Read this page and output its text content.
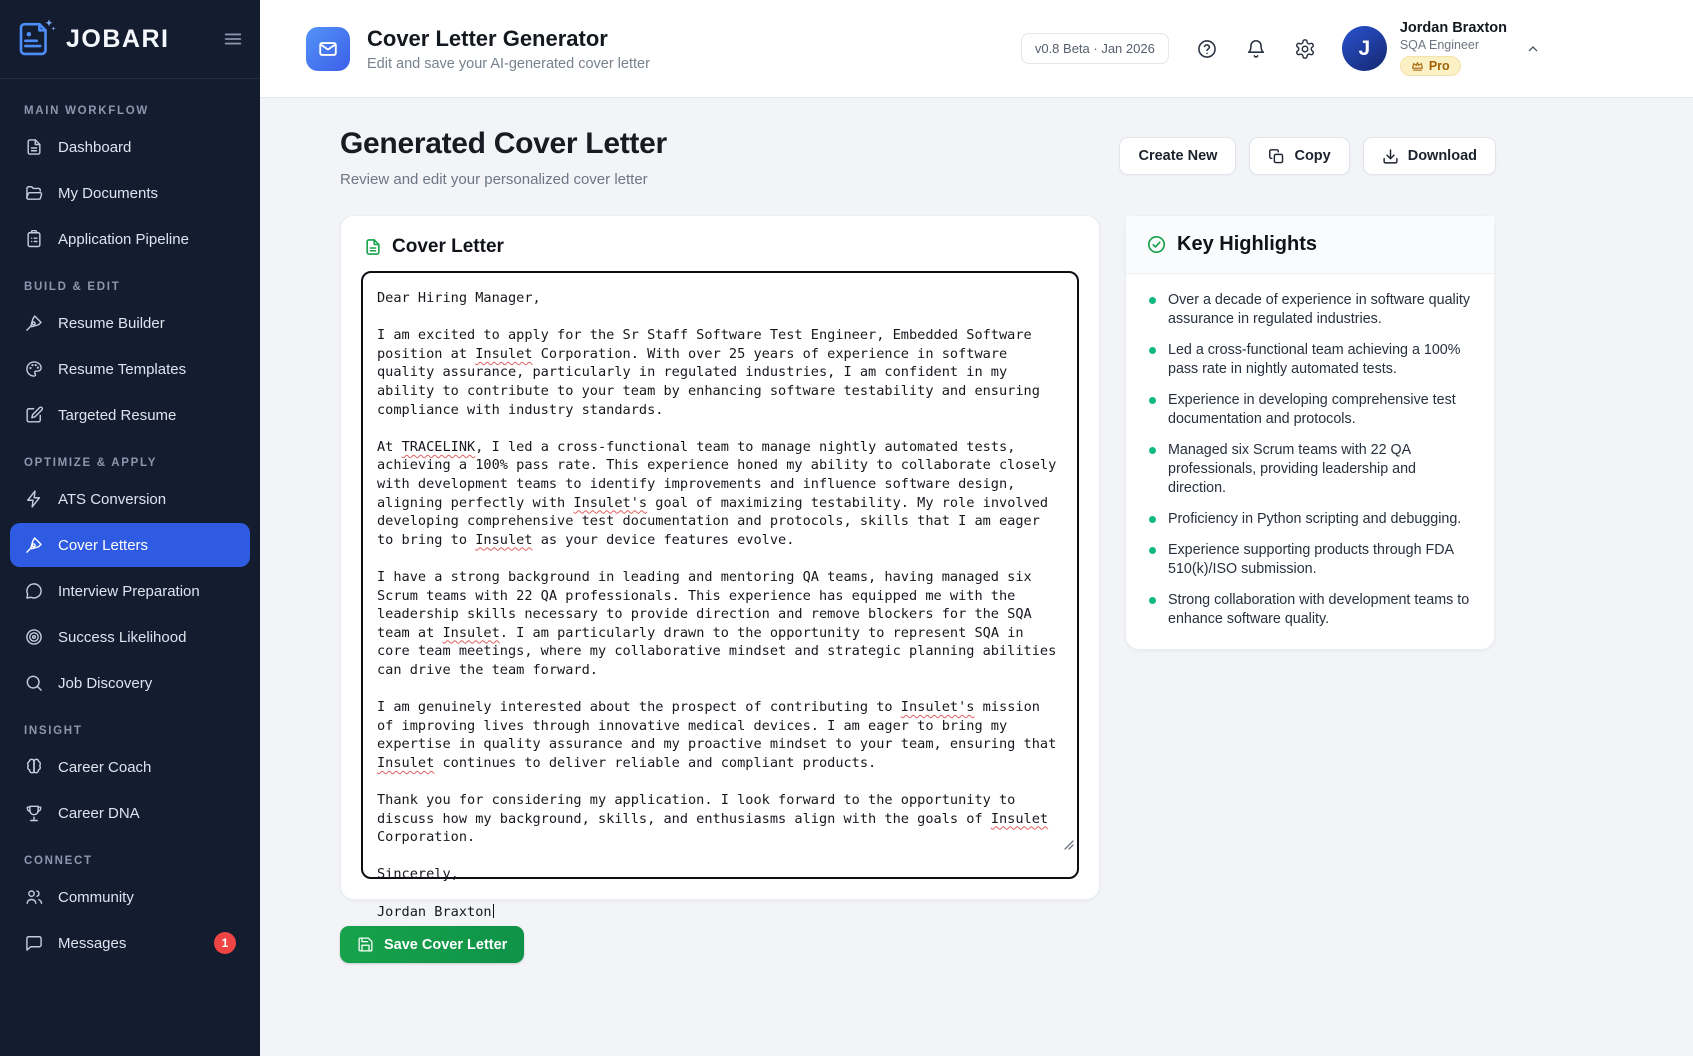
JOBARI
MAIN WORKFLOW
Dashboard
My Documents
Application Pipeline
BUILD & EDIT
Resume Builder
Resume Templates
Targeted Resume
OPTIMIZE & APPLY
ATS Conversion
Cover Letters
Interview Preparation
Success Likelihood
Job Discovery
INSIGHT
Career Coach
Career DNA
CONNECT
Community
Messages	1
Cover Letter Generator
Edit and save your AI-generated cover letter
v0.8 Beta · Jan 2026	J
Jordan Braxton
SQA Engineer
Pro
Generated Cover Letter
Review and edit your personalized cover letter
Create New	Copy	Download
Cover Letter
Dear Hiring Manager,

I am excited to apply for the Sr Staff Software Test Engineer, Embedded Software position at Insulet Corporation. With over 25 years of experience in software quality assurance, particularly in regulated industries, I am confident in my ability to contribute to your team by enhancing software testability and ensuring compliance with industry standards.

At TRACELINK, I led a cross-functional team to manage nightly automated tests, achieving a 100% pass rate. This experience honed my ability to collaborate closely with development teams to identify improvements and influence software design, aligning perfectly with Insulet's goal of maximizing testability. My role involved developing comprehensive test documentation and protocols, skills that I am eager to bring to Insulet as your device features evolve.

I have a strong background in leading and mentoring QA teams, having managed six Scrum teams with 22 QA professionals. This experience has equipped me with the leadership skills necessary to provide direction and remove blockers for the SQA team at Insulet. I am particularly drawn to the opportunity to represent SQA in core team meetings, where my collaborative mindset and strategic planning abilities can drive the team forward.

I am genuinely interested about the prospect of contributing to Insulet's mission of improving lives through innovative medical devices. I am eager to bring my expertise in quality assurance and my proactive mindset to your team, ensuring that Insulet continues to deliver reliable and compliant products.

Thank you for considering my application. I look forward to the opportunity to discuss how my background, skills, and enthusiasms align with the goals of Insulet Corporation.

Sincerely,

Jordan Braxton

Key Highlights
Over a decade of experience in software quality assurance in regulated industries.
Led a cross-functional team achieving a 100% pass rate in nightly automated tests.
Experience in developing comprehensive test documentation and protocols.
Managed six Scrum teams with 22 QA professionals, providing leadership and direction.
Proficiency in Python scripting and debugging.
Experience supporting products through FDA 510(k)/ISO submission.
Strong collaboration with development teams to enhance software quality.
Save Cover Letter
